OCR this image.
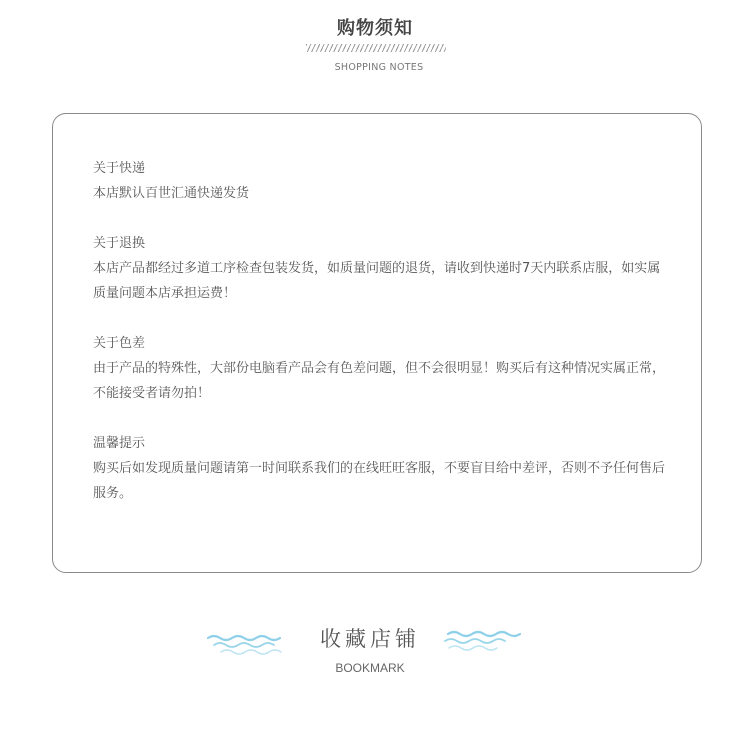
购物须知
SHOPPING NOTES
关于快递
本店默认百世汇通快递发货
关于退换
本店产品都经过多道工序检查包装发货，如质量问题的退货，请收到快递时7天内联系店服，如实属质量问题本店承担运费！
关于色差
由于产品的特殊性，大部份电脑看产品会有色差问题，但不会很明显！购买后有这种情况实属正常，不能接受者请勿拍！
温馨提示
购买后如发现质量问题请第一时间联系我们的在线旺旺客服，不要盲目给中差评，否则不予任何售后服务。
收藏店铺
BOOKMARK
